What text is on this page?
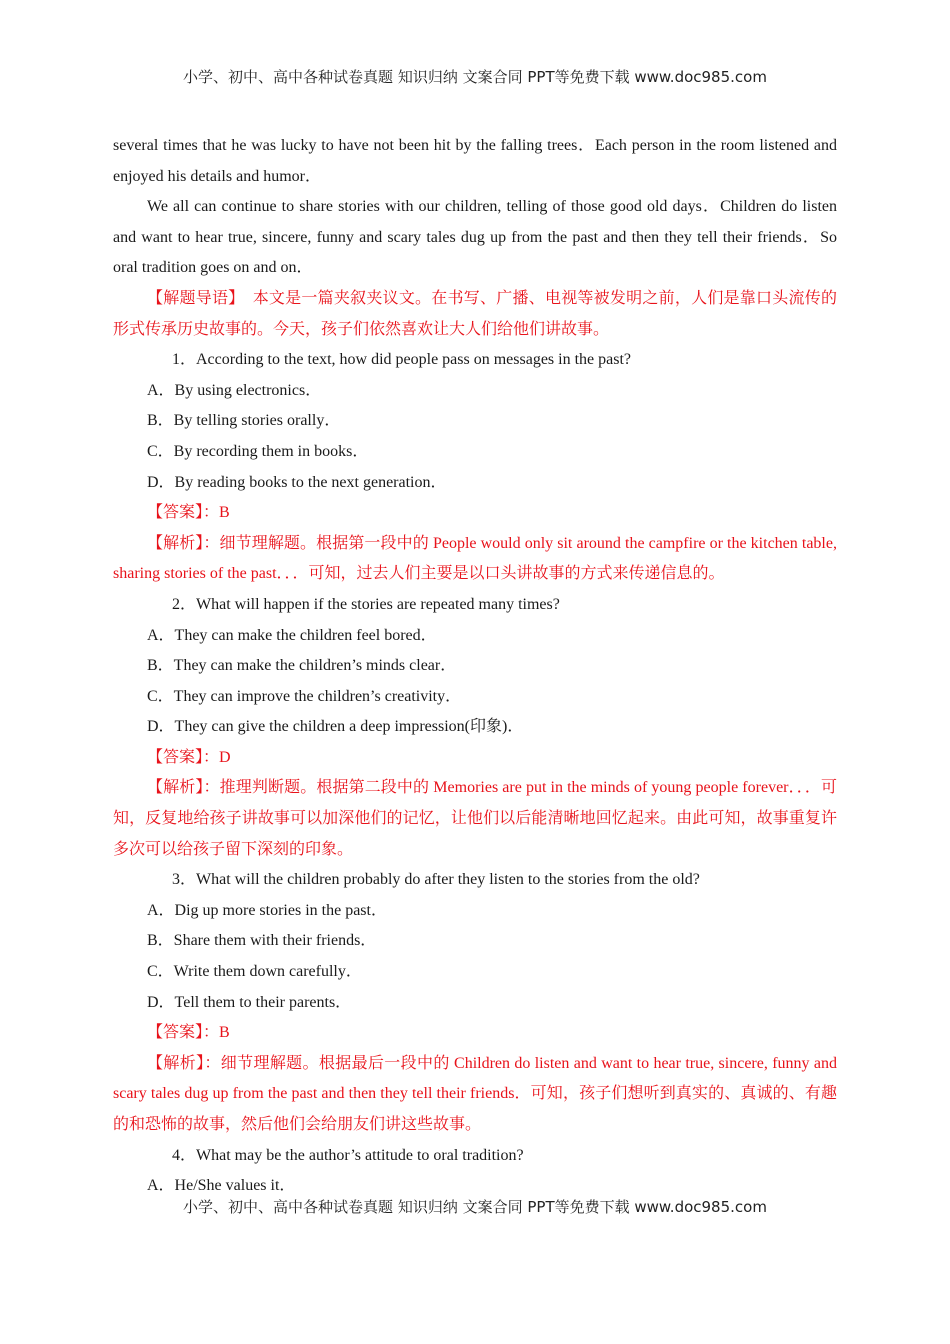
小学、初中、高中各种试卷真题 知识归纳 文案合同 PPT等免费下载 www.doc985.com

several times that he was lucky to have not been hit by the falling trees．Each person in the room listened and enjoyed his details and humor．

We all can continue to share stories with our children, telling of those good old days．Children do listen and want to hear true, sincere, funny and scary tales dug up from the past and then they tell their friends．So oral tradition goes on and on．

【解题导语】　 本文是一篇夹叙夹议文。在书写、广播、电视等被发明之前，人们是靠口头流传的形式传承历史故事的。今天，孩子们依然喜欢让大人们给他们讲故事。

1．According to the text, how did people pass on messages in the past?

A．By using electronics．

B．By telling stories orally．

C．By recording them in books．

D．By reading books to the next generation．

【答案】：B

【解析】：细节理解题。根据第一段中的 People would only sit around the campfire or the kitchen table, sharing stories of the past．．．可知，过去人们主要是以口头讲故事的方式来传递信息的。

2．What will happen if the stories are repeated many times?

A．They can make the children feel bored．

B．They can make the children’s minds clear．

C．They can improve the children’s creativity．

D．They can give the children a deep impression(印象)．

【答案】：D

【解析】：推理判断题。根据第二段中的 Memories are put in the minds of young people forever．．．可知，反复地给孩子讲故事可以加深他们的记忆，让他们以后能清晰地回忆起来。由此可知，故事重复许多次可以给孩子留下深刻的印象。

3．What will the children probably do after they listen to the stories from the old?

A．Dig up more stories in the past．

B．Share them with their friends．

C．Write them down carefully．

D．Tell them to their parents．

【答案】：B

【解析】：细节理解题。根据最后一段中的 Children do listen and want to hear true, sincere, funny and scary tales dug up from the past and then they tell their friends．可知，孩子们想听到真实的、真诚的、有趣的和恐怖的故事，然后他们会给朋友们讲这些故事。

4．What may be the author’s attitude to oral tradition?

A．He/She values it．

小学、初中、高中各种试卷真题 知识归纳 文案合同 PPT等免费下载 www.doc985.com
